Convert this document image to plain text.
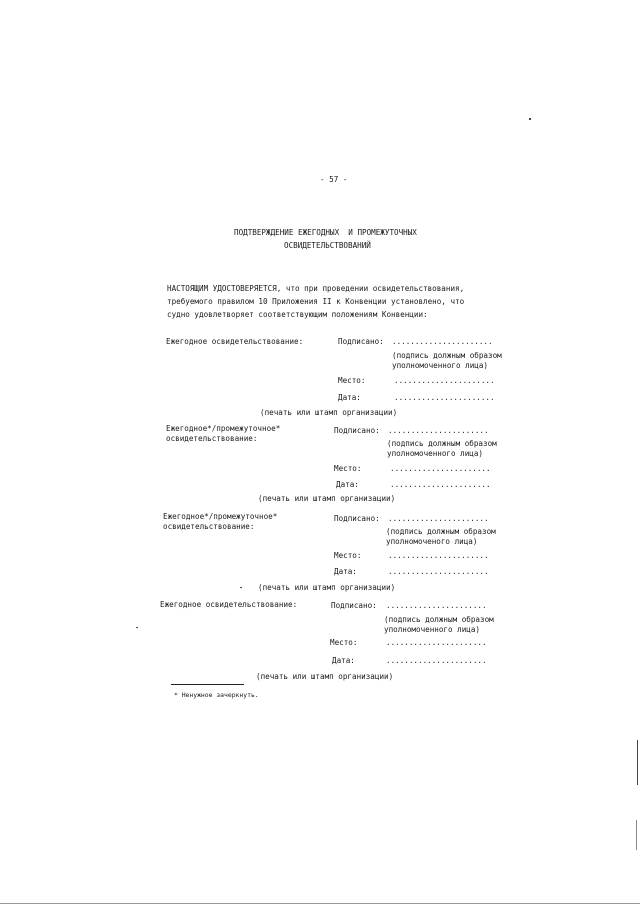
- 57 -
ПОДТВЕРЖДЕНИЕ ЕЖЕГОДНЫХ  И ПРОМЕЖУТОЧНЫХ
ОСВИДЕТЕЛЬСТВОВАНИЙ
НАСТОЯЩИМ УДОСТОВЕРЯЕТСЯ, что при проведении освидетельствования,
требуемого правилом 10 Приложения II к Конвенции установлено, что
судно удовлетворяет соответствующим положениям Конвенции:
Ежегодное освидетельствование:	Подписано: ......................
(подпись должным образом
уполномоченного лица)
Место:	......................
Дата:	......................
(печать или штамп организации)
Ежегодное*/промежуточное*
освидетельствование:
Подписано: ......................
(подпись должным образом
уполномоченного лица)
Место:	......................
Дата:	......................
(печать или штамп организации)
Ежегодное*/промежуточное*
освидетельствование:
Подписано: ......................
(подпись должным образом
уполномоченого лица)
Место:	......................
Дата:	......................
(печать или штамп организации)
Ежегодное освидетельствование:	Подписано: ......................
(подпись должным образом
уполномоченного лица)
Место:	......................
Дата:	......................
(печать или штамп организации)
* Ненужное зачеркнуть.
